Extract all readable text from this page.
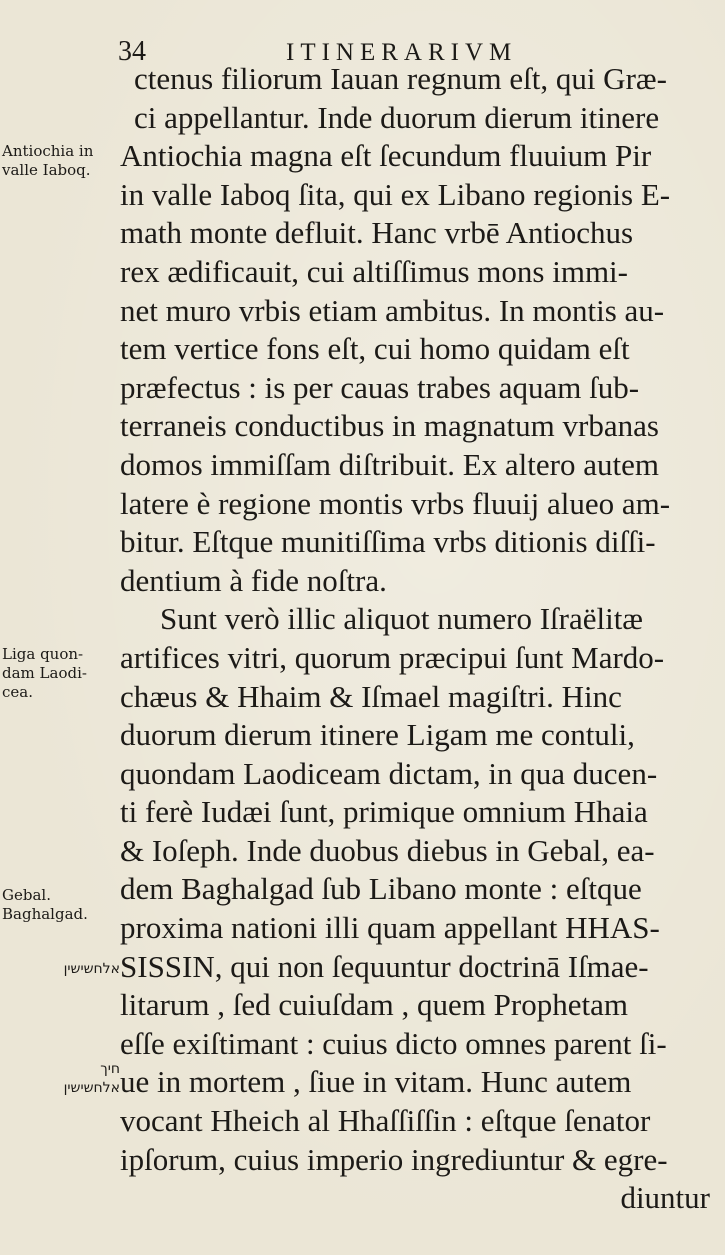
34	ITINERARIVM
Antiochia in
valle Iaboq.
Liga quon-
dam Laodi-
cea.
Gebal.
Baghalgad.
אלחשישין
חיך
אלחשישין
ctenus filiorum Iauan regnum eſt, qui Græ-
ci appellantur. Inde duorum dierum itinere
Antiochia magna eſt ſecundum fluuium Pir
in valle Iaboq ſita, qui ex Libano regionis E-
math monte defluit. Hanc vrbē Antiochus
rex ædificauit, cui altiſſimus mons immi-
net muro vrbis etiam ambitus. In montis au-
tem vertice fons eſt, cui homo quidam eſt
præfectus : is per cauas trabes aquam ſub-
terraneis conductibus in magnatum vrbanas
domos immiſſam diſtribuit. Ex altero autem
latere è regione montis vrbs fluuij alueo am-
bitur. Eſtque munitiſſima vrbs ditionis diſſi-
dentium à fide noſtra.
Sunt verò illic aliquot numero Iſraëlitæ
artifices vitri, quorum præcipui ſunt Mardo-
chæus & Hhaim & Iſmael magiſtri. Hinc
duorum dierum itinere Ligam me contuli,
quondam Laodiceam dictam, in qua ducen-
ti ferè Iudæi ſunt, primique omnium Hhaia
& Ioſeph. Inde duobus diebus in Gebal, ea-
dem Baghalgad ſub Libano monte : eſtque
proxima nationi illi quam appellant HHAS-
SISSIN, qui non ſequuntur doctrinā Iſmae-
litarum , ſed cuiuſdam , quem Prophetam
eſſe exiſtimant : cuius dicto omnes parent ſi-
ue in mortem , ſiue in vitam. Hunc autem
vocant Hheich al Hhaſſiſſin : eſtque ſenator
ipſorum, cuius imperio ingrediuntur & egre-
diuntur
